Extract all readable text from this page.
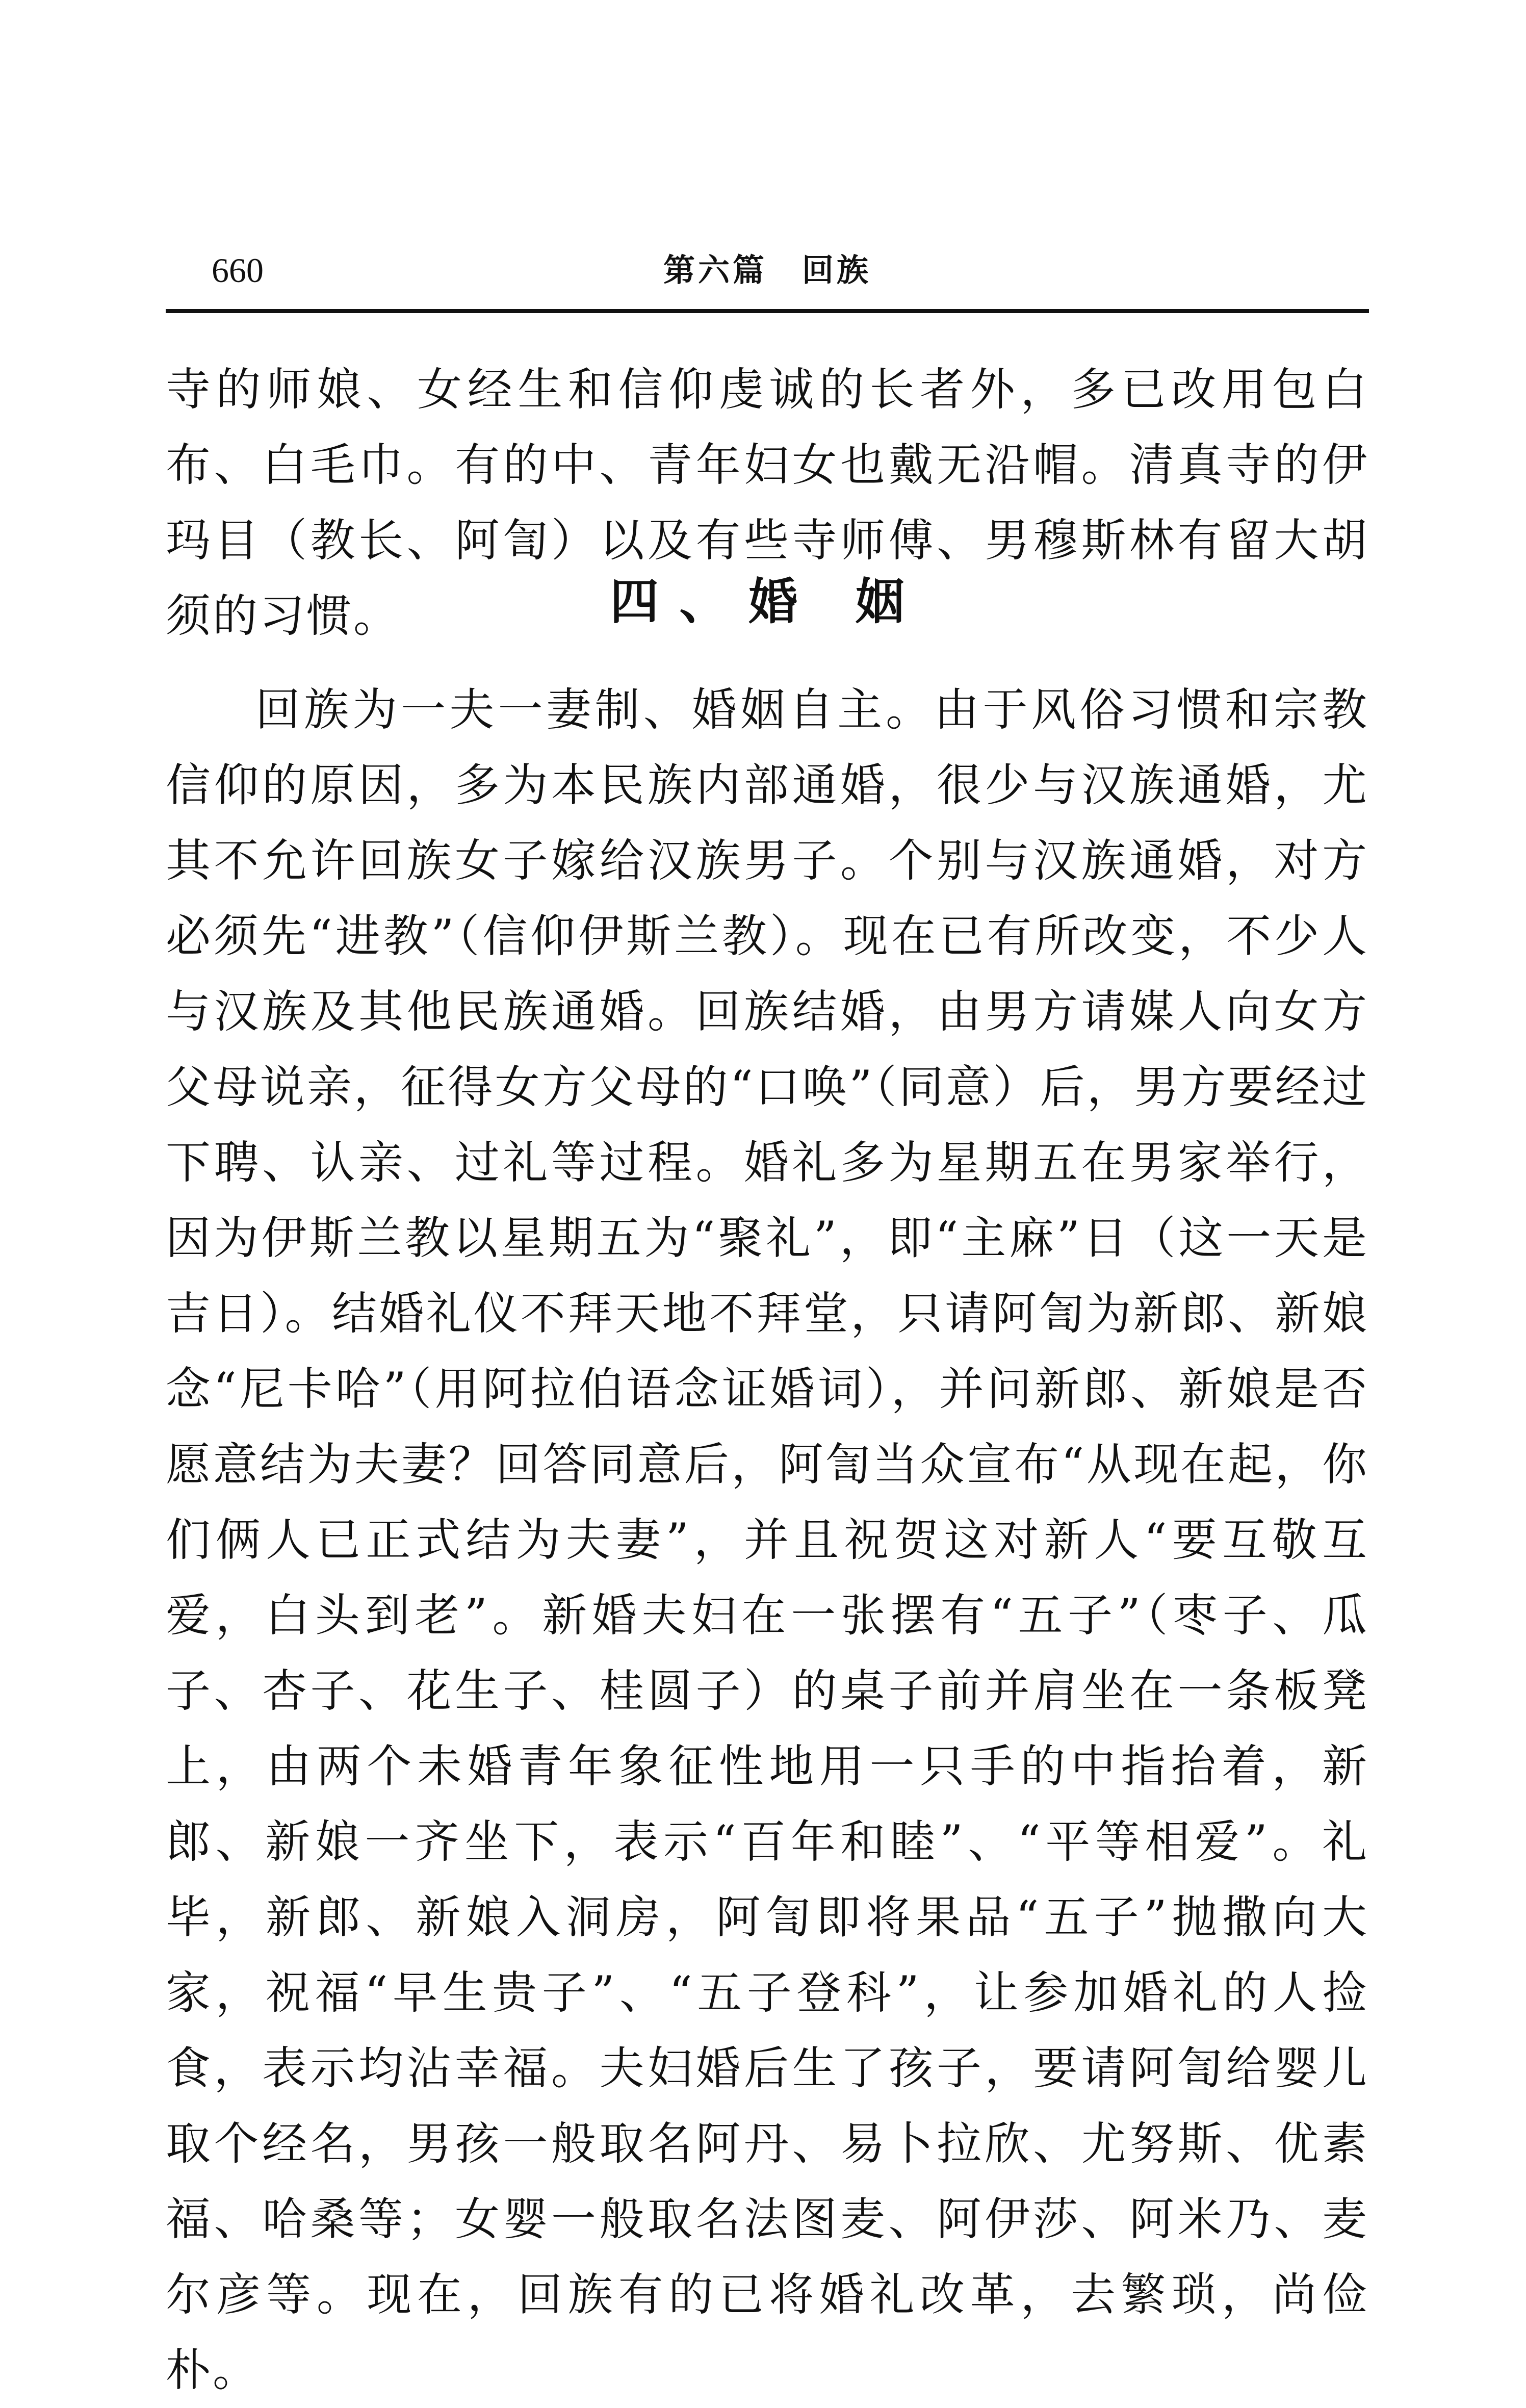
660	第六篇　回族

寺的师娘、女经生和信仰虔诚的长者外，多已改用包白布、白毛巾。有的中、青年妇女也戴无沿帽。清真寺的伊玛目（教长、阿訇）以及有些寺师傅、男穆斯林有留大胡须的习惯。	四、婚 姻

回族为一夫一妻制、婚姻自主。由于风俗习惯和宗教信仰的原因，多为本民族内部通婚，很少与汉族通婚，尤其不允许回族女子嫁给汉族男子。个别与汉族通婚，对方必须先“进教”（信仰伊斯兰教）。现在已有所改变，不少人与汉族及其他民族通婚。回族结婚，由男方请媒人向女方父母说亲，征得女方父母的“口唤”（同意）后，男方要经过下聘、认亲、过礼等过程。婚礼多为星期五在男家举行，因为伊斯兰教以星期五为“聚礼”，即“主麻”日（这一天是吉日）。结婚礼仪不拜天地不拜堂，只请阿訇为新郎、新娘念“尼卡哈”（用阿拉伯语念证婚词），并问新郎、新娘是否愿意结为夫妻？回答同意后，阿訇当众宣布“从现在起，你们俩人已正式结为夫妻”，并且祝贺这对新人“要互敬互爱，白头到老”。新婚夫妇在一张摆有“五子”（枣子、瓜子、杏子、花生子、桂圆子）的桌子前并肩坐在一条板凳上，由两个未婚青年象征性地用一只手的中指抬着，新郎、新娘一齐坐下，表示“百年和睦”、“平等相爱”。礼毕，新郎、新娘入洞房，阿訇即将果品“五子”抛撒向大家，祝福“早生贵子”、“五子登科”，让参加婚礼的人捡食，表示均沾幸福。夫妇婚后生了孩子，要请阿訇给婴儿取个经名，男孩一般取名阿丹、易卜拉欣、尤努斯、优素福、哈桑等；女婴一般取名法图麦、阿伊莎、阿米乃、麦尔彦等。现在，回族有的已将婚礼改革，去繁琐，尚俭朴。
